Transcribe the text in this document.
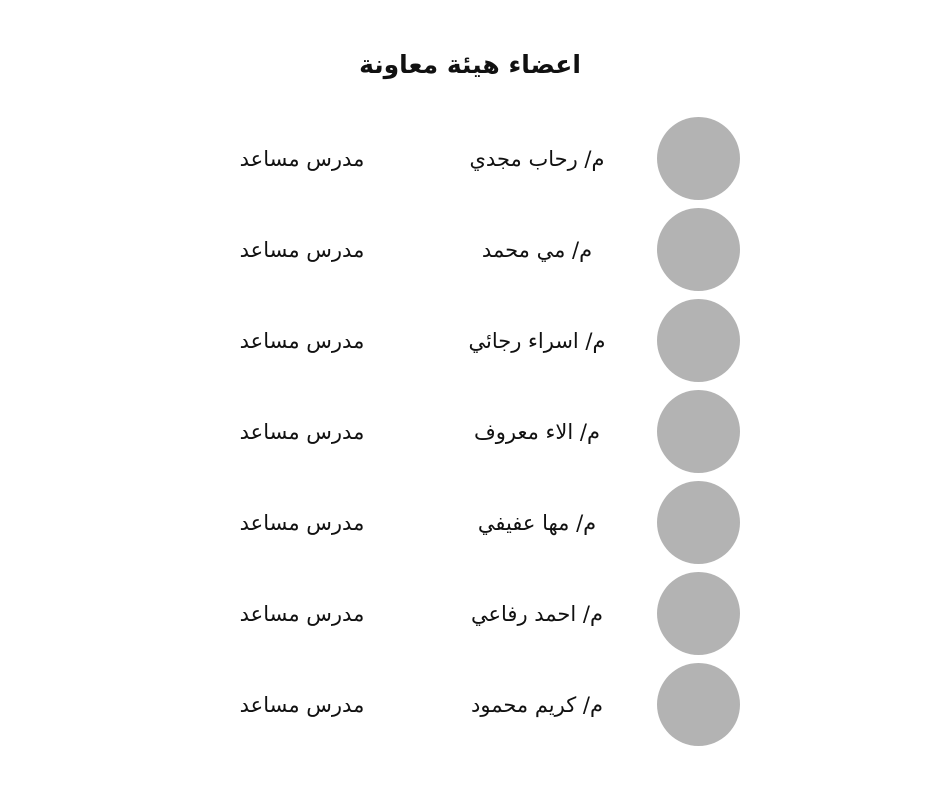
اعضاء هيئة معاونة
م/ رحاب مجدي
مدرس مساعد
م/ مي محمد
مدرس مساعد
م/ اسراء رجائي
مدرس مساعد
م/ الاء معروف
مدرس مساعد
م/ مها عفيفي
مدرس مساعد
م/ احمد رفاعي
مدرس مساعد
م/ كريم محمود
مدرس مساعد
